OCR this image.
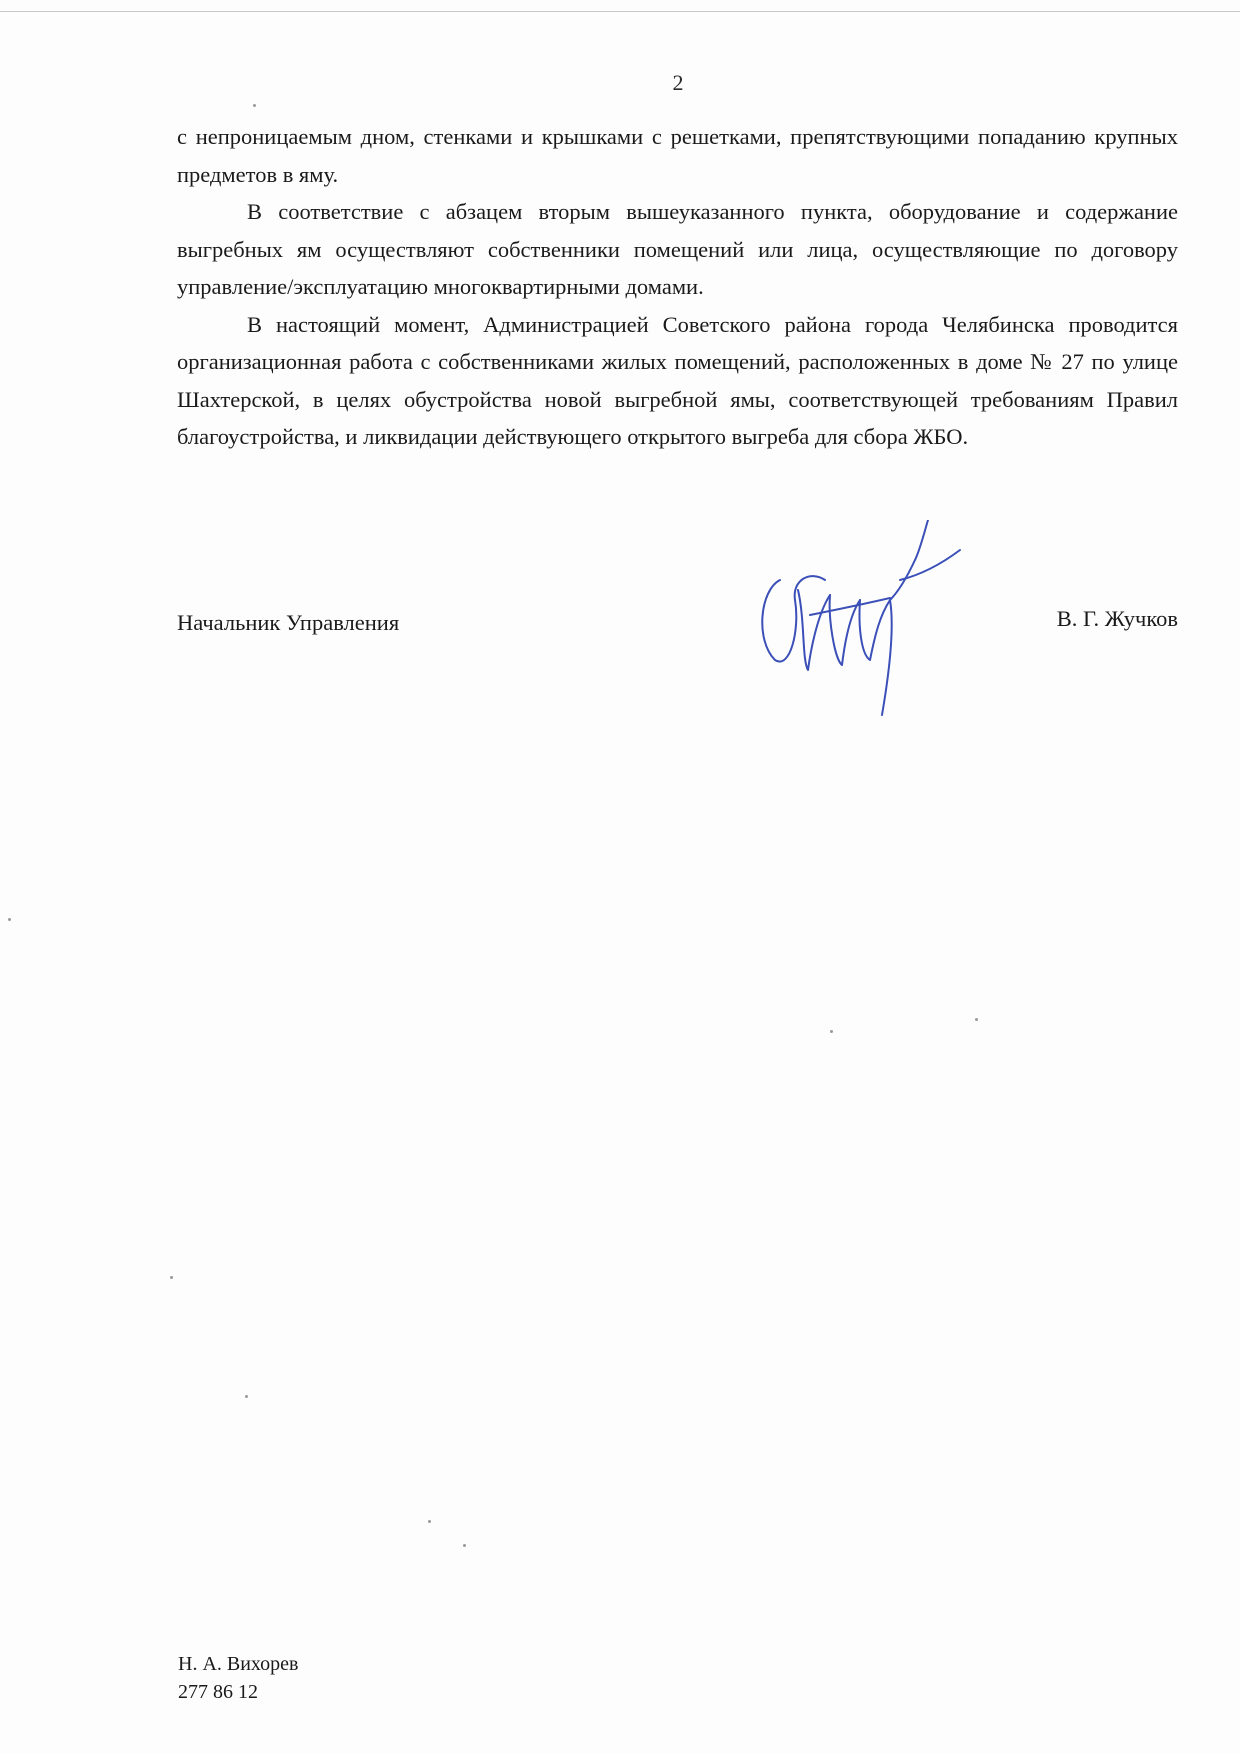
2

с непроницаемым дном, стенками и крышками с решетками, препятствующими попаданию крупных предметов в яму.

В соответствие с абзацем вторым вышеуказанного пункта, оборудование и содержание выгребных ям осуществляют собственники помещений или лица, осуществляющие по договору управление/эксплуатацию многоквартирными домами.

В настоящий момент, Администрацией Советского района города Челябинска проводится организационная работа с собственниками жилых помещений, расположенных в доме № 27 по улице Шахтерской, в целях обустройства новой выгребной ямы, соответствующей требованиям Правил благоустройства, и ликвидации действующего открытого выгреба для сбора ЖБО.

Начальник Управления	В. Г. Жучков
Н. А. Вихорев
277 86 12
